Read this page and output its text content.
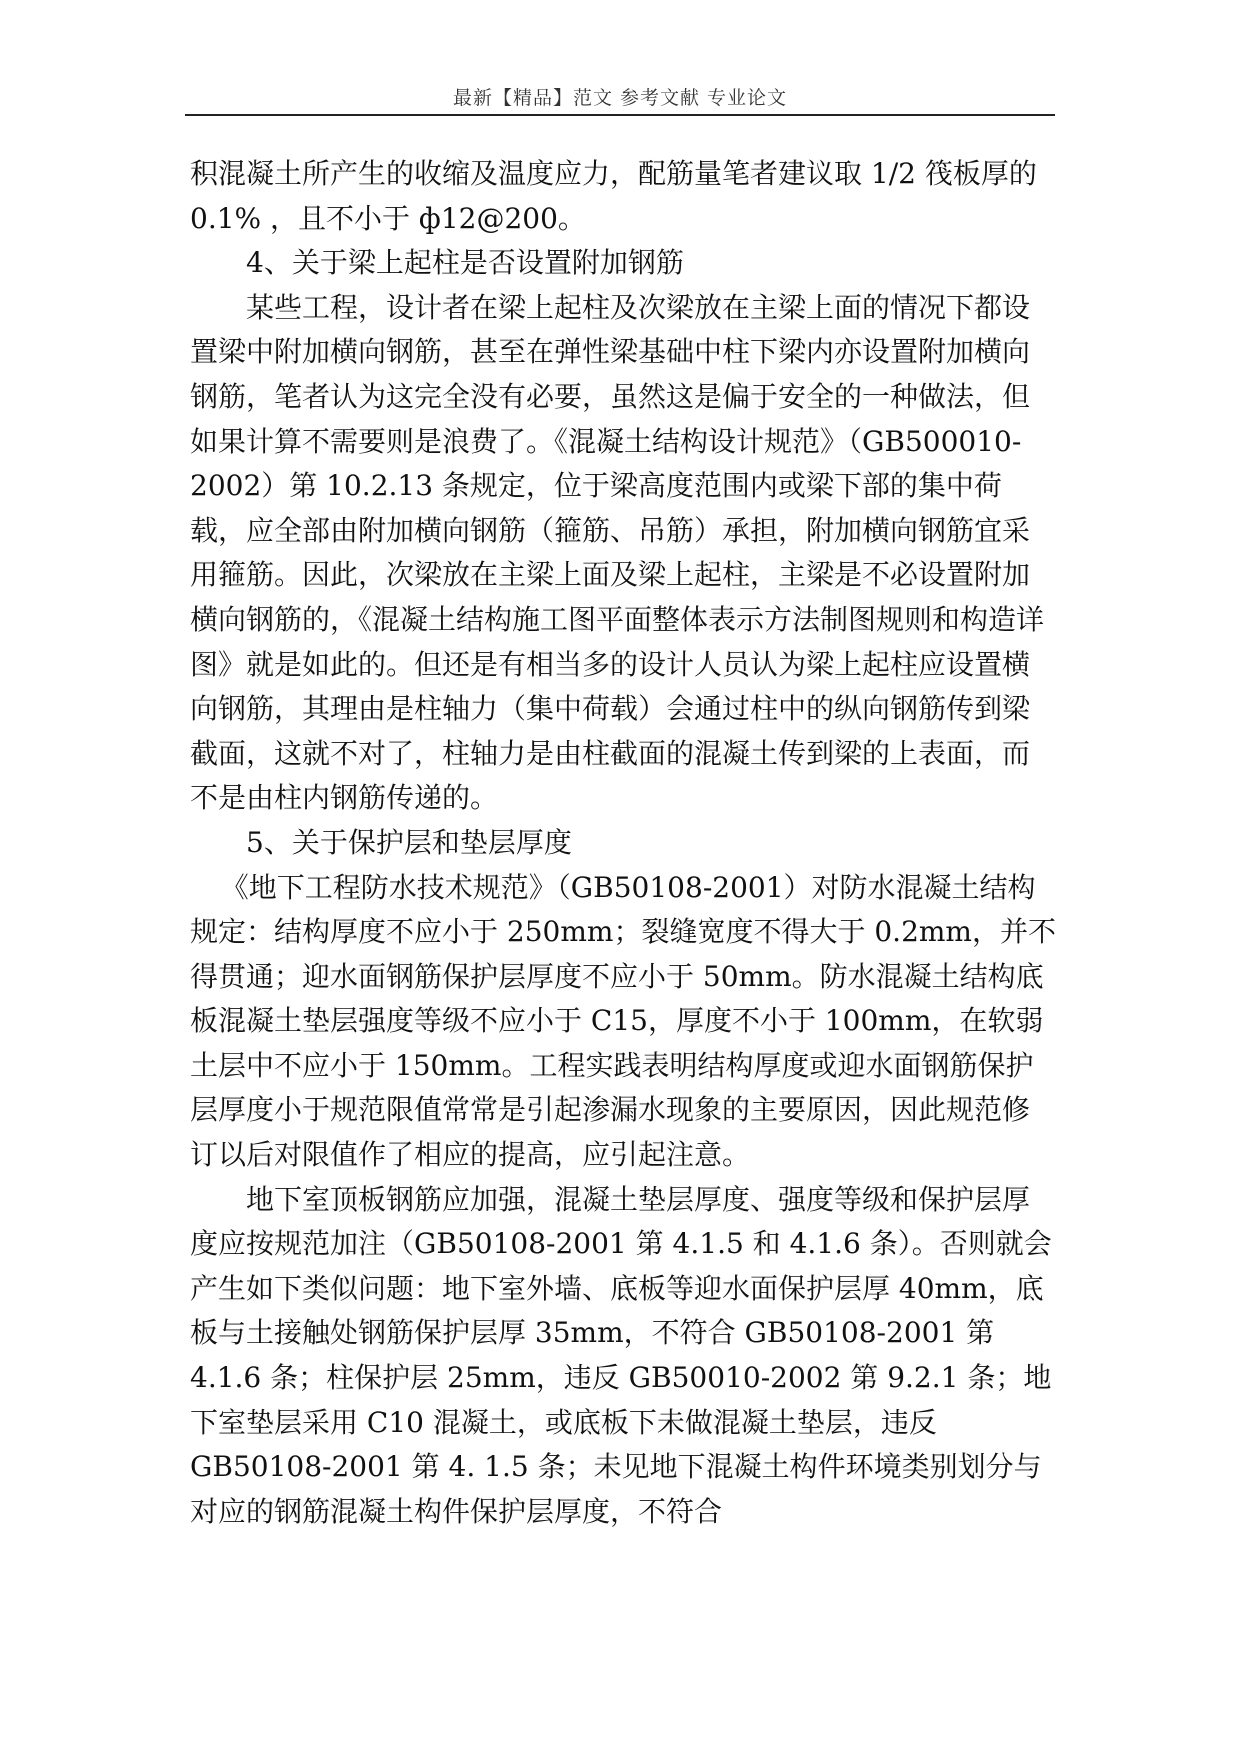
最新【精品】范文 参考文献 专业论文

积混凝土所产生的收缩及温度应力，配筋量笔者建议取 1/2 筏板厚的 0.1% ，且不小于 ф12@200。

4、关于梁上起柱是否设置附加钢筋

某些工程，设计者在梁上起柱及次梁放在主梁上面的情况下都设置梁中附加横向钢筋，甚至在弹性梁基础中柱下梁内亦设置附加横向钢筋，笔者认为这完全没有必要，虽然这是偏于安全的一种做法，但如果计算不需要则是浪费了。《混凝土结构设计规范》（GB500010-2002）第 10.2.13 条规定，位于梁高度范围内或梁下部的集中荷载，应全部由附加横向钢筋（箍筋、吊筋）承担，附加横向钢筋宜采用箍筋。因此，次梁放在主梁上面及梁上起柱，主梁是不必设置附加横向钢筋的，《混凝土结构施工图平面整体表示方法制图规则和构造详图》就是如此的。但还是有相当多的设计人员认为梁上起柱应设置横向钢筋，其理由是柱轴力（集中荷载）会通过柱中的纵向钢筋传到梁截面，这就不对了，柱轴力是由柱截面的混凝土传到梁的上表面，而不是由柱内钢筋传递的。

5、关于保护层和垫层厚度

《地下工程防水技术规范》（GB50108-2001）对防水混凝土结构规定：结构厚度不应小于 250mm；裂缝宽度不得大于 0.2mm，并不得贯通；迎水面钢筋保护层厚度不应小于 50mm。防水混凝土结构底板混凝土垫层强度等级不应小于 C15，厚度不小于 100mm，在软弱土层中不应小于 150mm。工程实践表明结构厚度或迎水面钢筋保护层厚度小于规范限值常常是引起渗漏水现象的主要原因，因此规范修订以后对限值作了相应的提高，应引起注意。

地下室顶板钢筋应加强，混凝土垫层厚度、强度等级和保护层厚度应按规范加注（GB50108-2001 第 4.1.5 和 4.1.6 条）。否则就会产生如下类似问题：地下室外墙、底板等迎水面保护层厚 40mm，底板与土接触处钢筋保护层厚 35mm，不符合 GB50108-2001 第 4.1.6 条；柱保护层 25mm，违反 GB50010-2002 第 9.2.1 条；地下室垫层采用 C10 混凝土，或底板下未做混凝土垫层，违反 GB50108-2001 第 4. 1.5 条；未见地下混凝土构件环境类别划分与对应的钢筋混凝土构件保护层厚度，不符合
